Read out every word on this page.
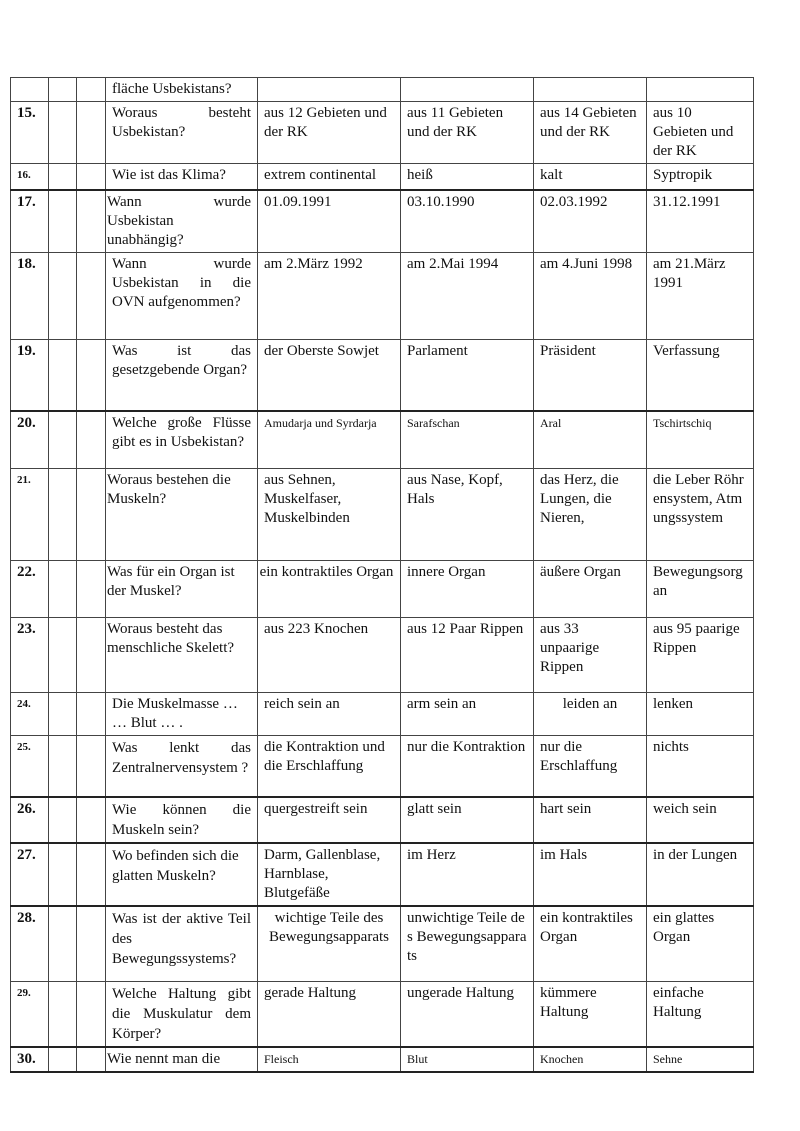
			fläche Usbekistans?				
15.			Woraus besteht Usbekistan?	aus 12 Gebieten und der RK	aus 11 Gebieten und der RK	aus 14 Gebieten und der RK	aus 10 Gebieten und der RK
16.			Wie ist das Klima?	extrem continental	heiß	kalt	Syptropik
17.			Wann wurde Usbekistan unabhängig?	01.09.1991	03.10.1990	02.03.1992	31.12.1991
18.			Wann wurde Usbekistan in die OVN aufgenommen?	am 2.März 1992	am 2.Mai 1994	am 4.Juni 1998	am 21.März 1991
19.			Was ist das gesetzgebende Organ?	der Oberste Sowjet	Parlament	Präsident	Verfassung
20.			Welche große Flüsse gibt es in Usbekistan?	Amudarja und Syrdarja	Sarafschan	Aral	Tschirtschiq
21.			Woraus bestehen die Muskeln?	aus Sehnen, Muskelfaser, Muskelbinden	aus Nase, Kopf, Hals	das Herz, die Lungen, die Nieren,	die Leber Röhrensystem, Atmungssystem
22.			Was für ein Organ ist der Muskel?	ein kontraktiles Organ	innere Organ	äußere Organ	Bewegungsorgan
23.			Woraus besteht das menschliche Skelett?	aus 223 Knochen	aus 12 Paar Rippen	aus 33 unpaarige Rippen	aus 95 paarige Rippen
24.			Die Muskelmasse … … Blut … .	reich sein an	arm sein an	leiden an	lenken
25.			Was lenkt das Zentralnervensystem ?	die Kontraktion und die Erschlaffung	nur die Kontraktion	nur die Erschlaffung	nichts
26.			Wie können die Muskeln sein?	quergestreift sein	glatt sein	hart sein	weich sein
27.			Wo befinden sich die glatten Muskeln?	Darm, Gallenblase, Harnblase, Blutgefäße	im Herz	im Hals	in der Lungen
28.			Was ist der aktive Teil des Bewegungssystems?	wichtige Teile des Bewegungsapparats	unwichtige Teile des Bewegungsapparats	ein kontraktiles Organ	ein glattes Organ
29.			Welche Haltung gibt die Muskulatur dem Körper?	gerade Haltung	ungerade Haltung	kümmere Haltung	einfache Haltung
30.			Wie nennt man die	Fleisch	Blut	Knochen	Sehne
